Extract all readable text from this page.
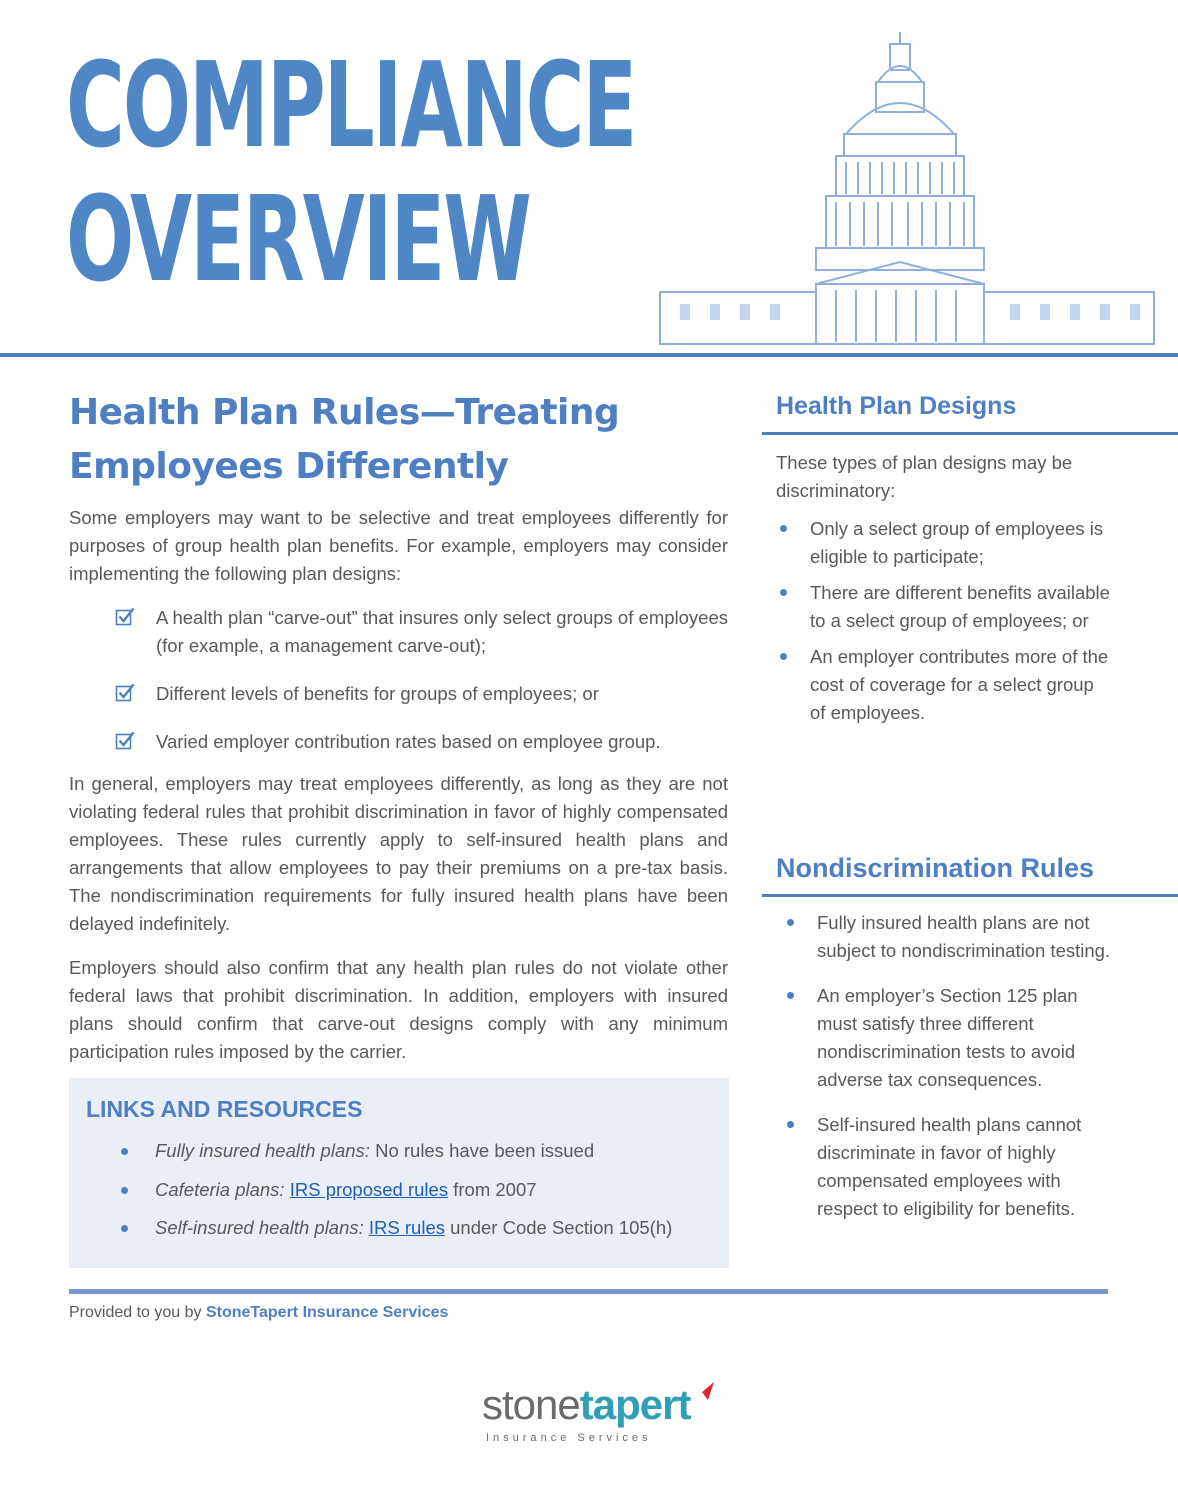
COMPLIANCE
OVERVIEW
Health Plan Rules—Treating Employees Differently

Some employers may want to be selective and treat employees differently for purposes of group health plan benefits. For example, employers may consider implementing the following plan designs:

A health plan “carve-out” that insures only select groups of employees (for example, a management carve-out);
Different levels of benefits for groups of employees; or
Varied employer contribution rates based on employee group.

In general, employers may treat employees differently, as long as they are not violating federal rules that prohibit discrimination in favor of highly compensated employees. These rules currently apply to self-insured health plans and arrangements that allow employees to pay their premiums on a pre-tax basis. The nondiscrimination requirements for fully insured health plans have been delayed indefinitely.

Employers should also confirm that any health plan rules do not violate other federal laws that prohibit discrimination. In addition, employers with insured plans should confirm that carve-out designs comply with any minimum participation rules imposed by the carrier.

LINKS AND RESOURCES
Fully insured health plans: No rules have been issued
Cafeteria plans: IRS proposed rules from 2007
Self-insured health plans: IRS rules under Code Section 105(h)
Provided to you by StoneTapert Insurance Services
Health Plan Designs

These types of plan designs may be discriminatory:

Only a select group of employees is eligible to participate;
There are different benefits available to a select group of employees; or
An employer contributes more of the cost of coverage for a select group of employees.
Nondiscrimination Rules
Fully insured health plans are not subject to nondiscrimination testing.
An employer’s Section 125 plan must satisfy three different nondiscrimination tests to avoid adverse tax consequences.
Self-insured health plans cannot discriminate in favor of highly compensated employees with respect to eligibility for benefits.
stonetapert
Insurance Services
